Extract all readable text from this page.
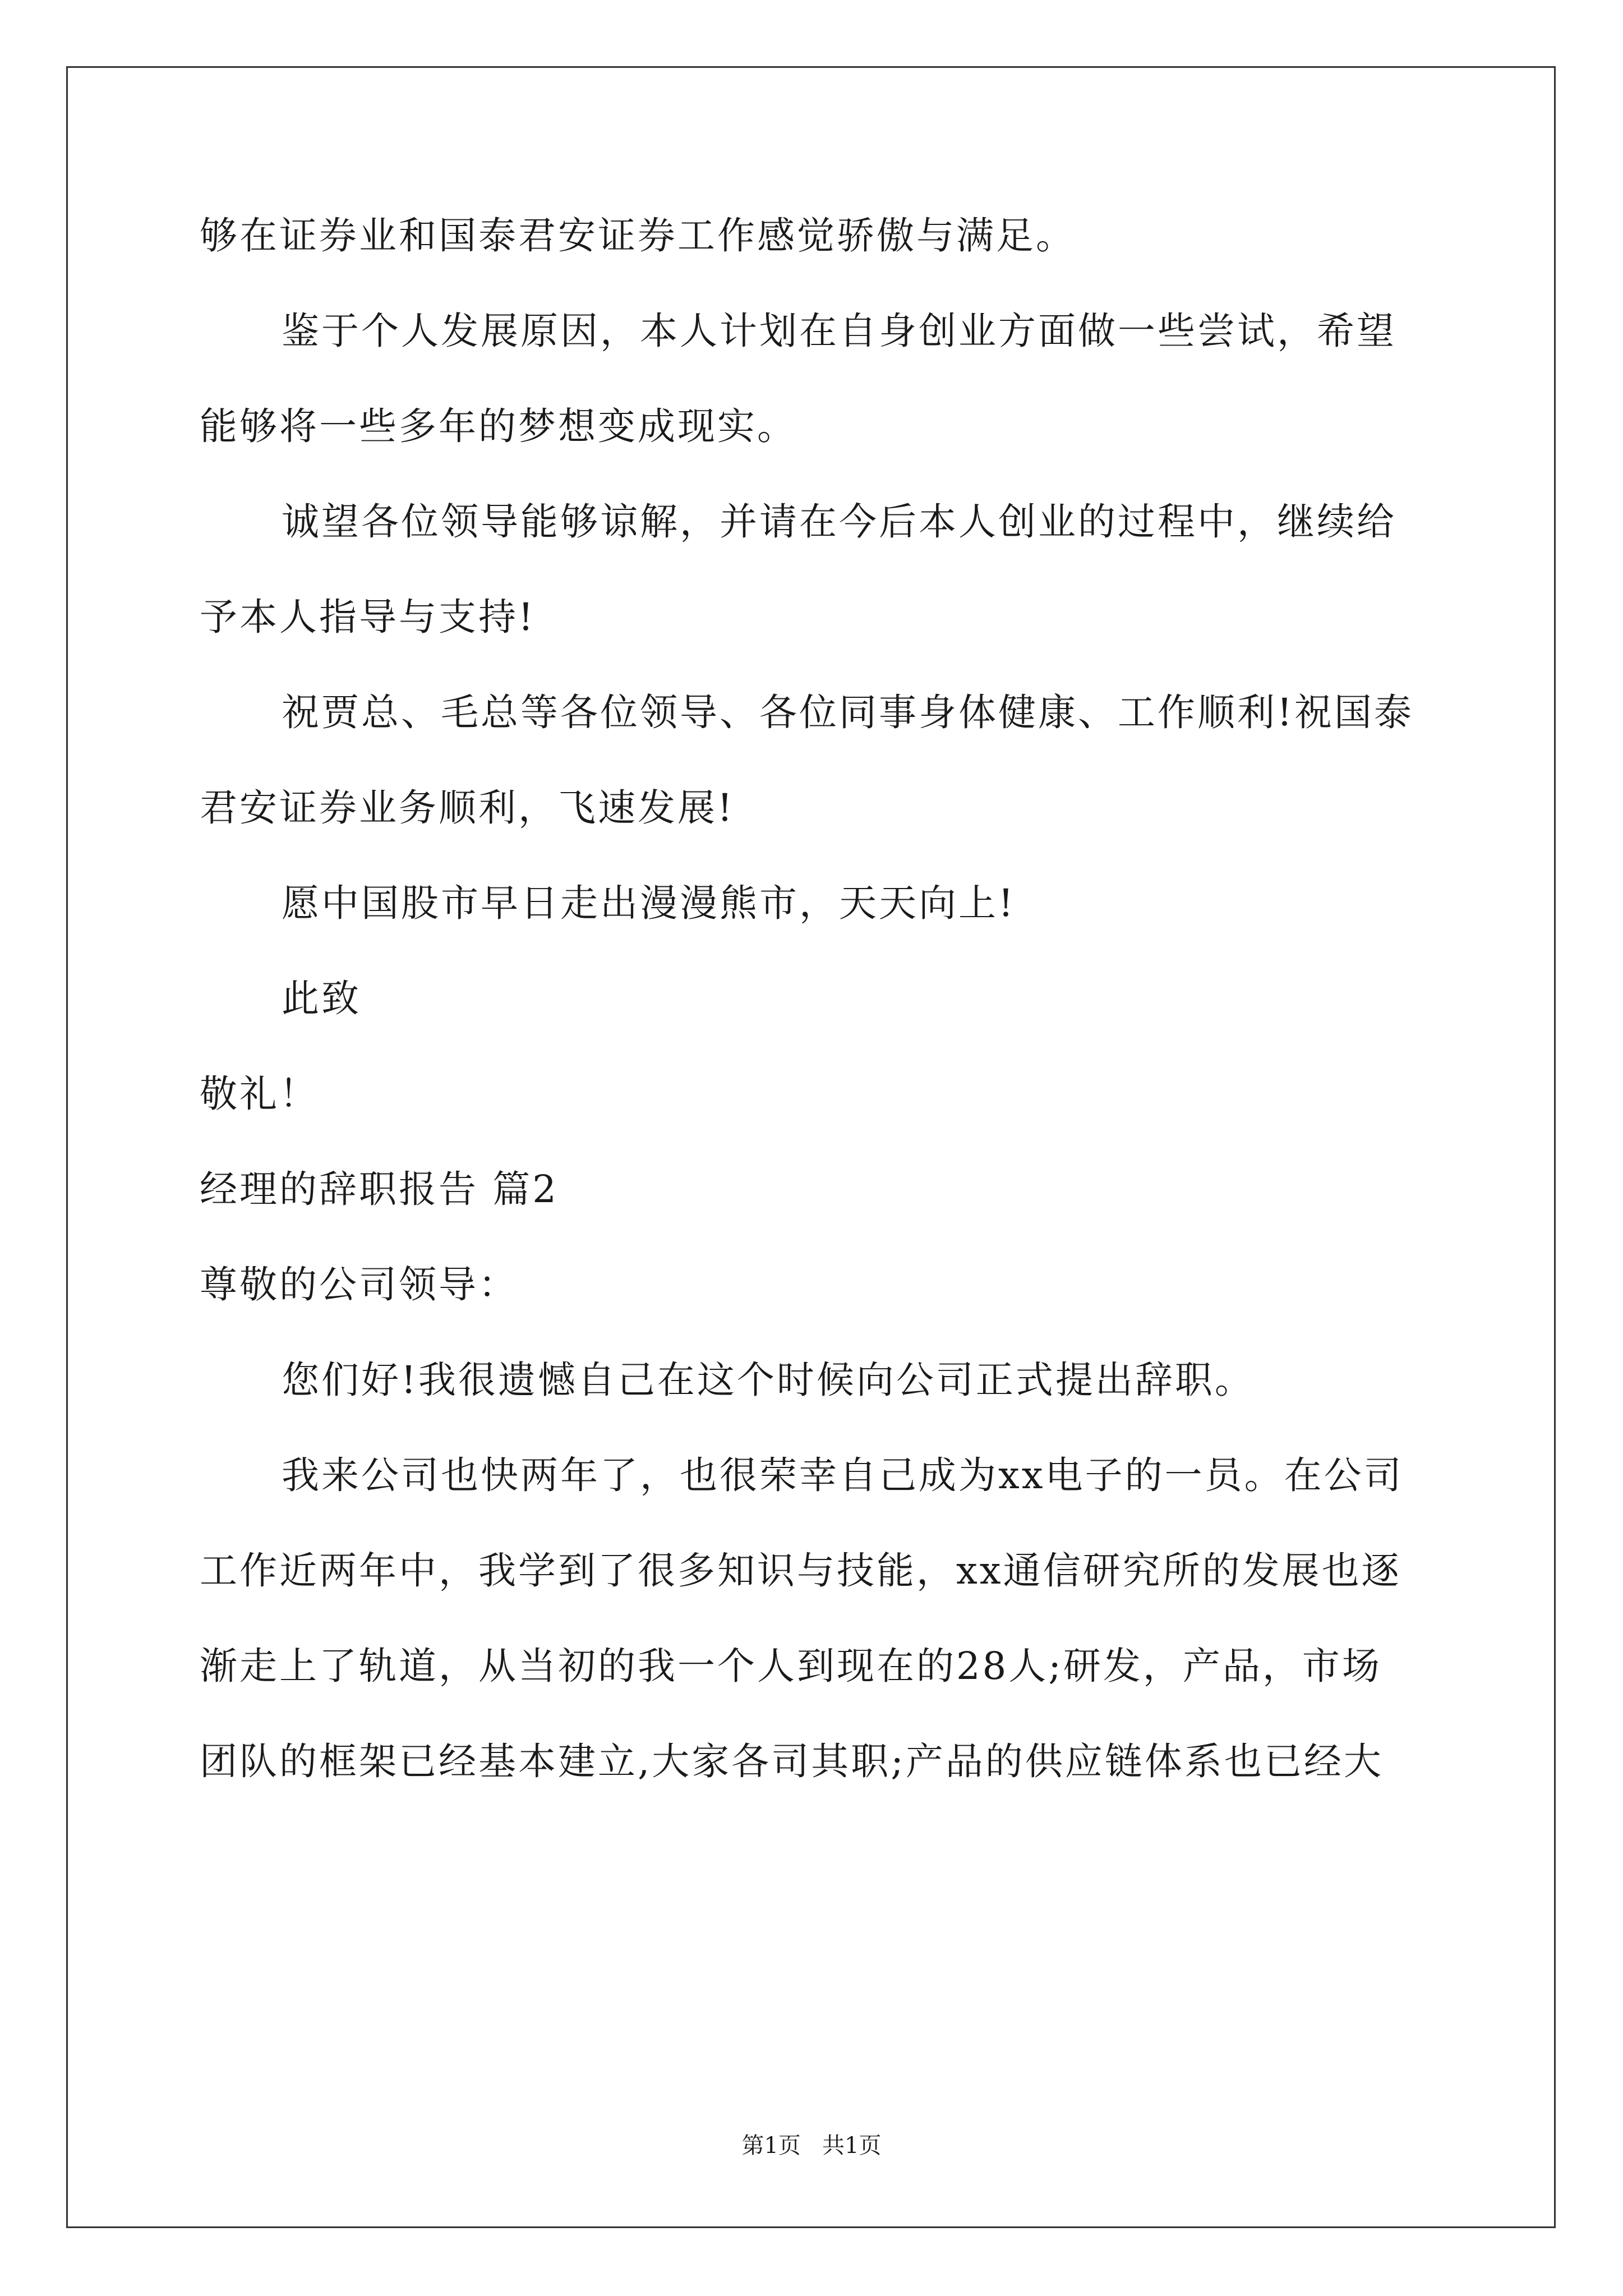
够在证券业和国泰君安证券工作感觉骄傲与满足。
鉴于个人发展原因，本人计划在自身创业方面做一些尝试，希望
能够将一些多年的梦想变成现实。
诚望各位领导能够谅解，并请在今后本人创业的过程中，继续给
予本人指导与支持!
祝贾总、毛总等各位领导、各位同事身体健康、工作顺利!祝国泰
君安证券业务顺利，飞速发展!
愿中国股市早日走出漫漫熊市，天天向上!
此致
敬礼！
经理的辞职报告 篇2
尊敬的公司领导：
您们好!我很遗憾自己在这个时候向公司正式提出辞职。
我来公司也快两年了，也很荣幸自己成为xx电子的一员。在公司
工作近两年中，我学到了很多知识与技能，xx通信研究所的发展也逐
渐走上了轨道，从当初的我一个人到现在的28人;研发，产品，市场
团队的框架已经基本建立,大家各司其职;产品的供应链体系也已经大
第1页   共1页
